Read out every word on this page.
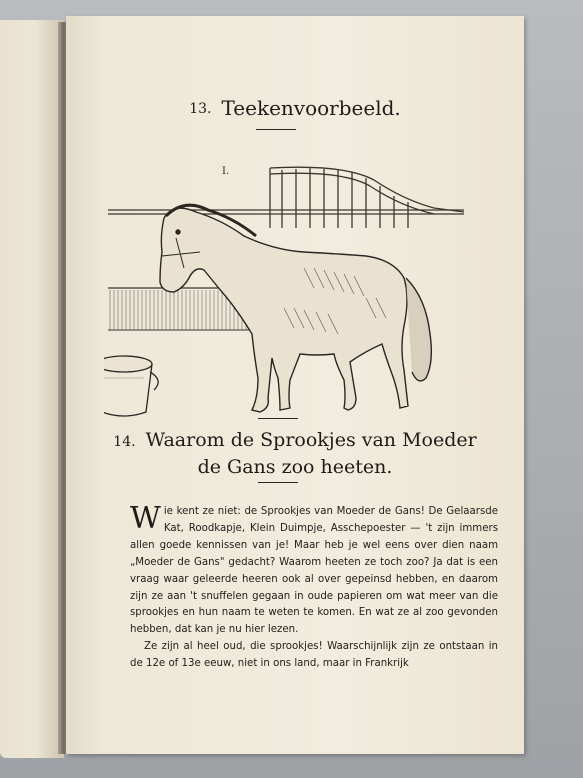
13. Teekenvoorbeeld.
I.
14. Waarom de Sprookjes van Moeder
de Gans zoo heeten.

Wie kent ze niet: de Sprookjes van Moeder de Gans! De Gelaarsde Kat, Roodkapje, Klein Duimpje, Asschepoester — 't zijn immers allen goede kennissen van je! Maar heb je wel eens over dien naam „Moeder de Gans" gedacht? Waarom heeten ze toch zoo? Ja dat is een vraag waar geleerde heeren ook al over gepeinsd hebben, en daarom zijn ze aan 't snuffelen gegaan in oude papieren om wat meer van die sprookjes en hun naam te weten te komen. En wat ze al zoo gevonden hebben, dat kan je nu hier lezen.

Ze zijn al heel oud, die sprookjes! Waarschijnlijk zijn ze ontstaan in de 12e of 13e eeuw, niet in ons land, maar in Frankrijk
